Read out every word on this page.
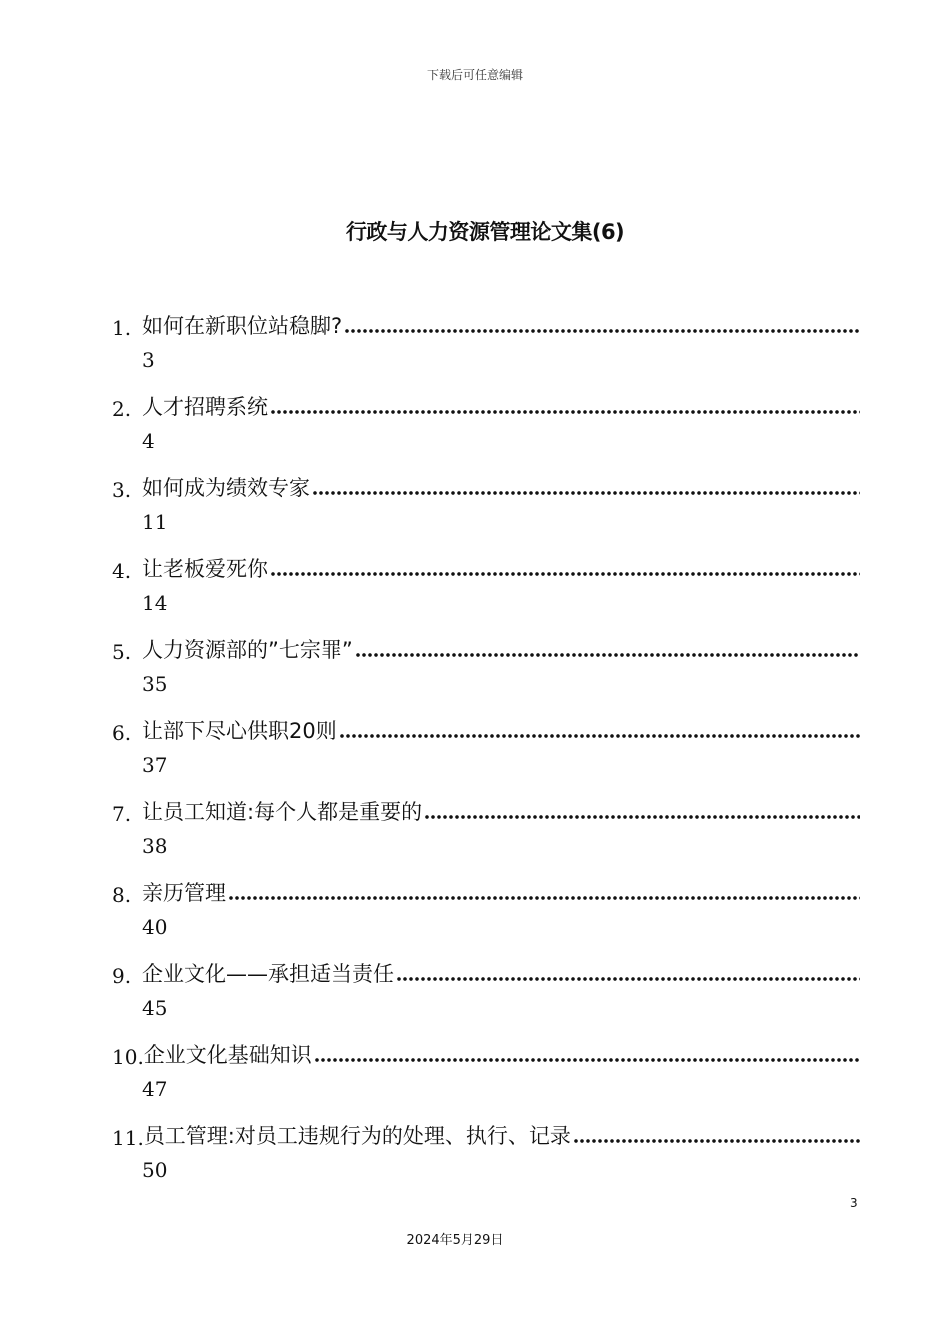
下载后可任意编辑
行政与人力资源管理论文集(6)
1. 如何在新职位站稳脚?
3
2. 人才招聘系统
4
3. 如何成为绩效专家
11
4. 让老板爱死你
14
5. 人力资源部的”七宗罪”
35
6. 让部下尽心供职20则
37
7. 让员工知道:每个人都是重要的
38
8. 亲历管理
40
9. 企业文化——承担适当责任
45
10. 企业文化基础知识
47
11. 员工管理:对员工违规行为的处理、执行、记录
50
3
2024年5月29日
